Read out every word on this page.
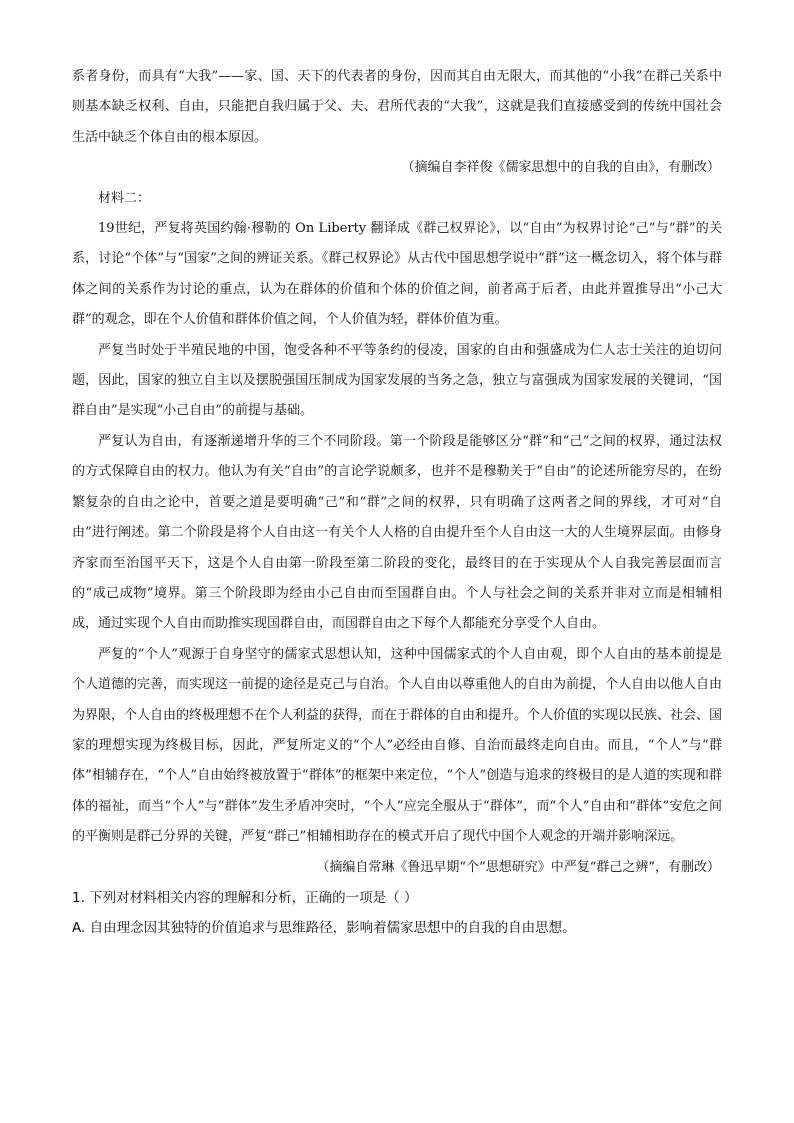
系者身份，而具有“大我”——家、国、天下的代表者的身份，因而其自由无限大，而其他的“小我”在群己关系中则基本缺乏权利、自由，只能把自我归属于父、夫、君所代表的“大我”，这就是我们直接感受到的传统中国社会生活中缺乏个体自由的根本原因。

（摘编自李祥俊《儒家思想中的自我的自由》，有删改）

材料二：

19世纪，严复将英国约翰·穆勒的 On Liberty 翻译成《群己权界论》，以“自由”为权界讨论“己”与“群”的关系，讨论“个体”与“国家”之间的辨证关系。《群己权界论》从古代中国思想学说中“群”这一概念切入，将个体与群体之间的关系作为讨论的重点，认为在群体的价值和个体的价值之间，前者高于后者，由此并置推导出“小己大群”的观念，即在个人价值和群体价值之间，个人价值为轻，群体价值为重。

严复当时处于半殖民地的中国，饱受各种不平等条约的侵凌，国家的自由和强盛成为仁人志士关注的迫切问题，因此，国家的独立自主以及摆脱强国压制成为国家发展的当务之急，独立与富强成为国家发展的关键词，“国群自由”是实现“小己自由”的前提与基础。

严复认为自由，有逐渐递增升华的三个不同阶段。第一个阶段是能够区分“群”和“己”之间的权界，通过法权的方式保障自由的权力。他认为有关“自由”的言论学说颇多，也并不是穆勒关于“自由”的论述所能穷尽的，在纷繁复杂的自由之论中，首要之道是要明确“己”和“群”之间的权界，只有明确了这两者之间的界线，才可对“自由”进行阐述。第二个阶段是将个人自由这一有关个人人格的自由提升至个人自由这一大的人生境界层面。由修身齐家而至治国平天下，这是个人自由第一阶段至第二阶段的变化，最终目的在于实现从个人自我完善层面而言的“成己成物”境界。第三个阶段即为经由小己自由而至国群自由。个人与社会之间的关系并非对立而是相辅相成，通过实现个人自由而助推实现国群自由，而国群自由之下每个人都能充分享受个人自由。

严复的“个人”观源于自身坚守的儒家式思想认知，这种中国儒家式的个人自由观，即个人自由的基本前提是个人道德的完善，而实现这一前提的途径是克己与自治。个人自由以尊重他人的自由为前提，个人自由以他人自由为界限，个人自由的终极理想不在个人利益的获得，而在于群体的自由和提升。个人价值的实现以民族、社会、国家的理想实现为终极目标，因此，严复所定义的“个人”必经由自修、自治而最终走向自由。而且，“个人”与“群体”相辅存在，“个人”自由始终被放置于“群体”的框架中来定位，“个人”创造与追求的终极目的是人道的实现和群体的福祉，而当“个人”与“群体”发生矛盾冲突时，“个人”应完全服从于“群体”，而“个人”自由和“群体”安危之间的平衡则是群己分界的关键，严复“群己”相辅相助存在的模式开启了现代中国个人观念的开端并影响深远。

（摘编自常琳《鲁迅早期“个”思想研究》中严复“群己之辨”，有删改）

1. 下列对材料相关内容的理解和分析，正确的一项是（ ）

A. 自由理念因其独特的价值追求与思维路径，影响着儒家思想中的自我的自由思想。
